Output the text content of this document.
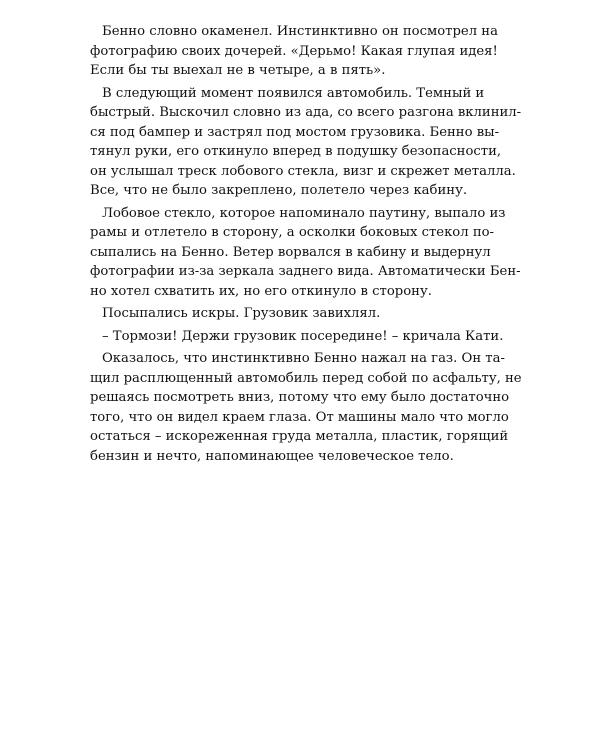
Бенно словно окаменел. Инстинктивно он посмотрел на
фотографию своих дочерей. «Дерьмо! Какая глупая идея!
Если бы ты выехал не в четыре, а в пять».

В следующий момент появился автомобиль. Темный и
быстрый. Выскочил словно из ада, со всего разгона вклинил-
ся под бампер и застрял под мостом грузовика. Бенно вы-
тянул руки, его откинуло вперед в подушку безопасности,
он услышал треск лобового стекла, визг и скрежет металла.
Все, что не было закреплено, полетело через кабину.

Лобовое стекло, которое напоминало паутину, выпало из
рамы и отлетело в сторону, а осколки боковых стекол по-
сыпались на Бенно. Ветер ворвался в кабину и выдернул
фотографии из-за зеркала заднего вида. Автоматически Бен-
но хотел схватить их, но его откинуло в сторону.

Посыпались искры. Грузовик завихлял.

– Тормози! Держи грузовик посередине! – кричала Кати.

Оказалось, что инстинктивно Бенно нажал на газ. Он та-
щил расплющенный автомобиль перед собой по асфальту, не
решаясь посмотреть вниз, потому что ему было достаточно
того, что он видел краем глаза. От машины мало что могло
остаться – искореженная груда металла, пластик, горящий
бензин и нечто, напоминающее человеческое тело.
